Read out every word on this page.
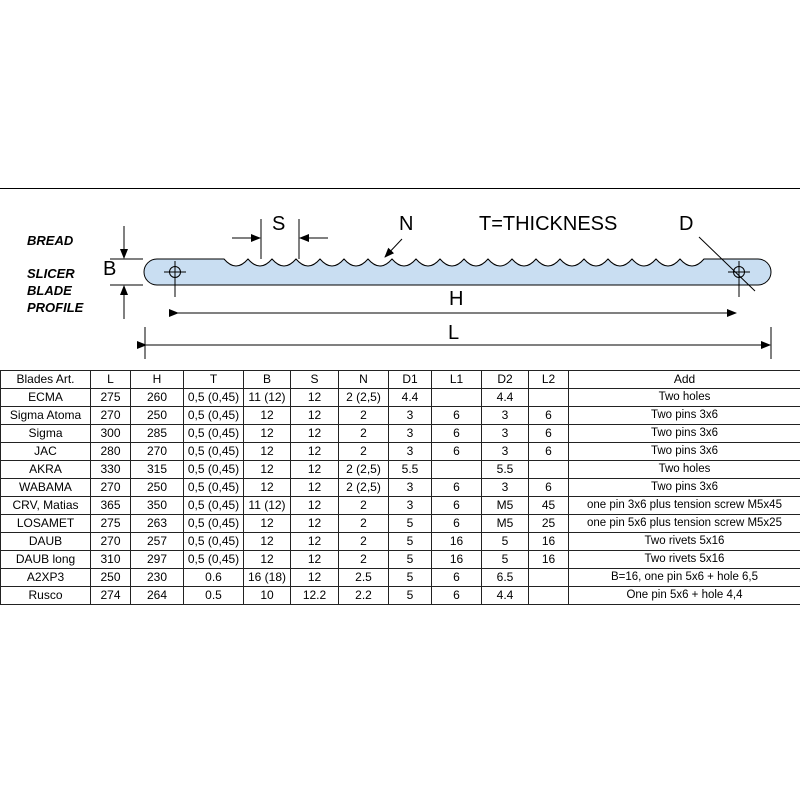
BREAD
SLICER
BLADE
PROFILE
B
S	N	T=THICKNESS	D
H
L
Blades Art.	L	H	T	B	S	N	D1	L1	D2	L2	Add
ECMA	275	260	0,5 (0,45)	11 (12)	12	2 (2,5)	4.4		4.4		Two holes
Sigma Atoma	270	250	0,5 (0,45)	12	12	2	3	6	3	6	Two pins 3x6
Sigma	300	285	0,5 (0,45)	12	12	2	3	6	3	6	Two pins 3x6
JAC	280	270	0,5 (0,45)	12	12	2	3	6	3	6	Two pins 3x6
AKRA	330	315	0,5 (0,45)	12	12	2 (2,5)	5.5		5.5		Two holes
WABAMA	270	250	0,5 (0,45)	12	12	2 (2,5)	3	6	3	6	Two pins 3x6
CRV, Matias	365	350	0,5 (0,45)	11 (12)	12	2	3	6	M5	45	one pin 3x6 plus tension screw M5x45
LOSAMET	275	263	0,5 (0,45)	12	12	2	5	6	M5	25	one pin 5x6 plus tension screw M5x25
DAUB	270	257	0,5 (0,45)	12	12	2	5	16	5	16	Two rivets 5x16
DAUB long	310	297	0,5 (0,45)	12	12	2	5	16	5	16	Two rivets 5x16
A2XP3	250	230	0.6	16 (18)	12	2.5	5	6	6.5		B=16, one pin 5x6 + hole 6,5
Rusco	274	264	0.5	10	12.2	2.2	5	6	4.4		One pin 5x6 + hole 4,4
